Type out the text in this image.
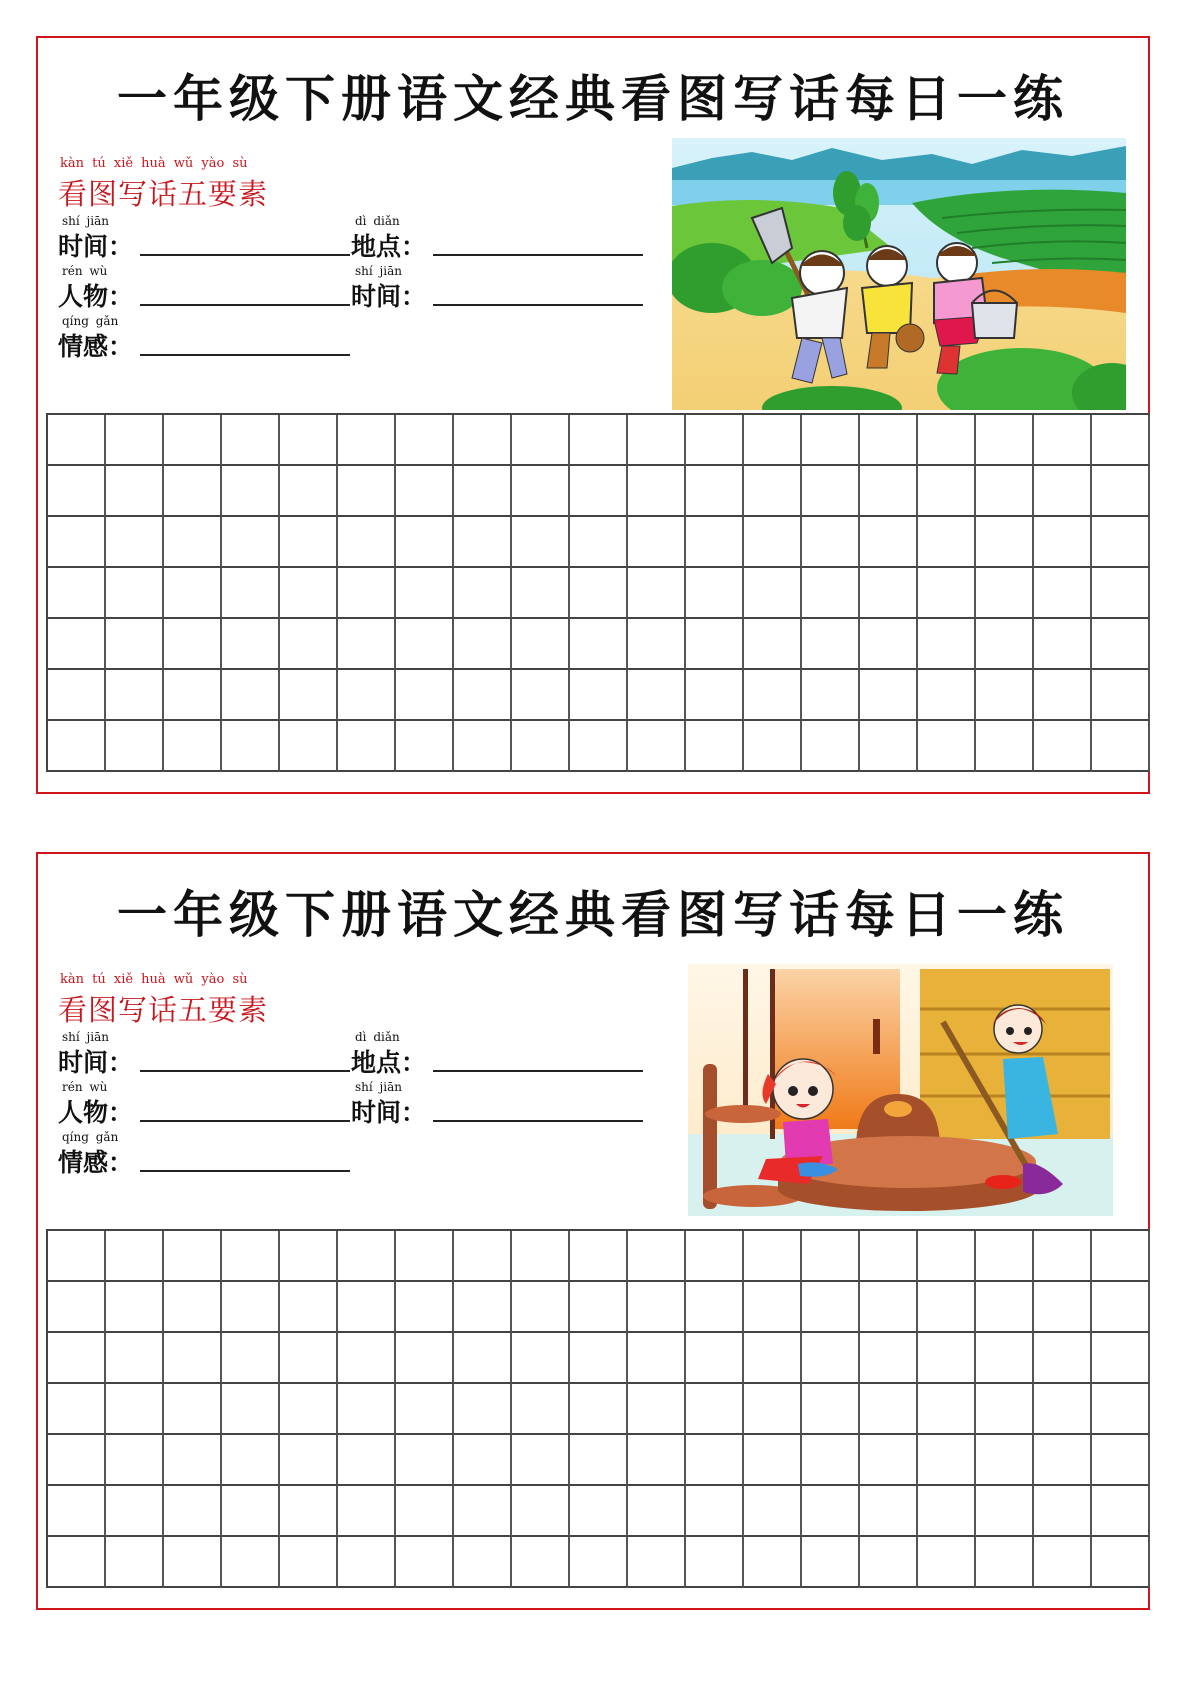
一年级下册语文经典看图写话每日一练
kàn tú xiě huà wǔ yào sù
看图写话五要素
shí jiān
时间：
dì diǎn
地点：
rén wù
人物：
shí jiān
时间：
qíng gǎn
情感：
一年级下册语文经典看图写话每日一练
kàn tú xiě huà wǔ yào sù
看图写话五要素
shí jiān
时间：
dì diǎn
地点：
rén wù
人物：
shí jiān
时间：
qíng gǎn
情感：
